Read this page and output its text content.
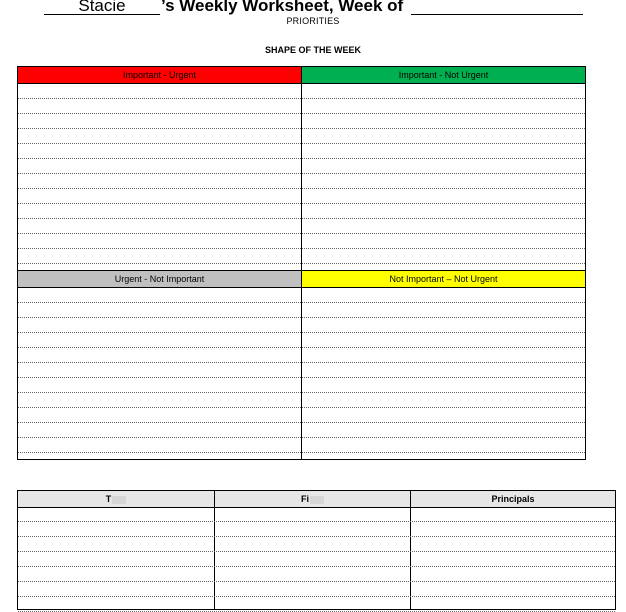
Stacie	’s Weekly Worksheet, Week of
PRIORITIES
SHAPE OF THE WEEK
Important - Urgent	Important - Not Urgent
Urgent - Not Important	Not Important – Not Urgent
T	Fi	Principals
